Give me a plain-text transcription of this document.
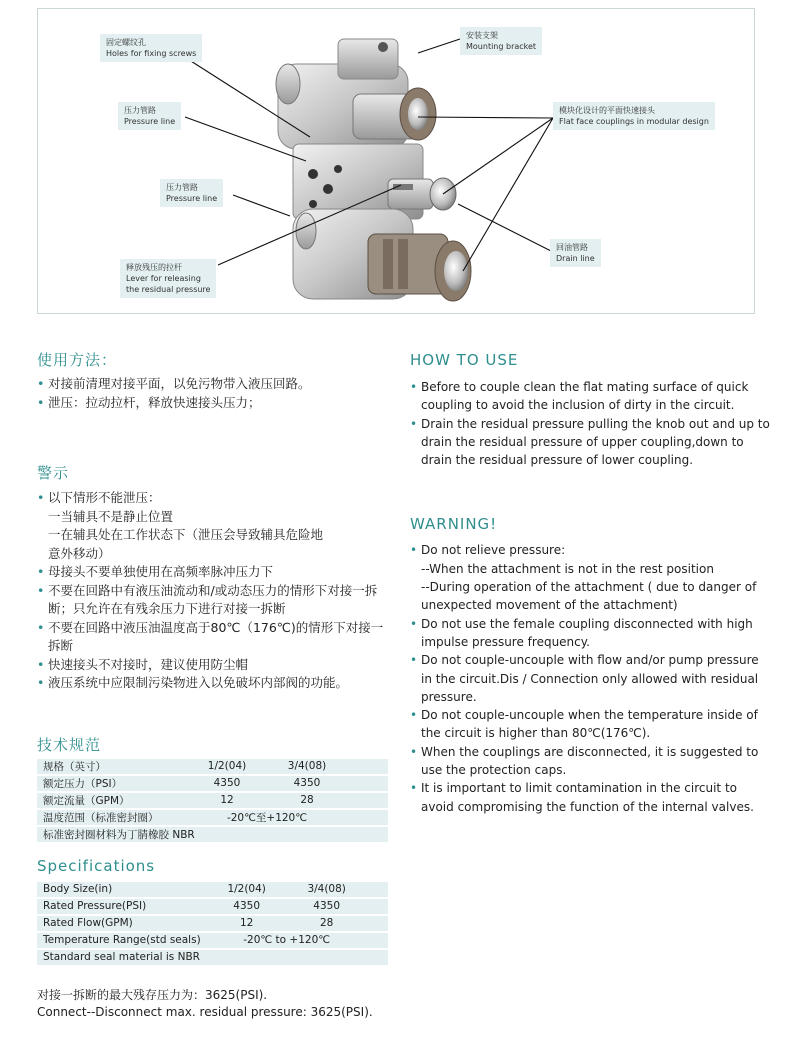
固定螺纹孔
Holes for fixing screws
压力管路
Pressure line
压力管路
Pressure line
释放残压的拉杆
Lever for releasing
the residual pressure
安装支架
Mounting bracket
模块化设计的平面快速接头
Flat face couplings in modular design
回油管路
Drain line
使用方法：
• 对接前清理对接平面，以免污物带入液压回路。
• 泄压：拉动拉杆，释放快速接头压力；
警示
• 以下情形不能泄压：
一当辅具不是静止位置
一在辅具处在工作状态下（泄压会导致辅具危险地
意外移动）
• 母接头不要单独使用在高频率脉冲压力下
• 不要在回路中有液压油流动和/或动态压力的情形下对接一拆断；只允许在有残余压力下进行对接一拆断
• 不要在回路中液压油温度高于80℃（176℃)的情形下对接一拆断
• 快速接头不对接时，建议使用防尘帽
• 液压系统中应限制污染物进入以免破坏内部阀的功能。
技术规范
规格（英寸）	1/2(04)	3/4(08)	
额定压力（PSI）	4350	4350	
额定流量（GPM）	12	28	
温度范围（标准密封圈）	-20℃至+120℃		
标准密封圈材料为丁腈橡胶 NBR			
Specifications
Body Size(in)	1/2(04)	3/4(08)	
Rated Pressure(PSI)	4350	4350	
Rated Flow(GPM)	12	28	
Temperature Range(std seals)	-20℃ to +120℃		
Standard seal material is NBR			
HOW TO USE
• Before to couple clean the flat mating surface of quick coupling to avoid the inclusion of dirty in the circuit.
• Drain the residual pressure pulling the knob out and up to drain the residual pressure of upper coupling,down to drain the residual pressure of lower coupling.
WARNING!
• Do not relieve pressure:
--When the attachment is not in the rest position
--During operation of the attachment ( due to danger of
unexpected movement of the attachment)
• Do not use the female coupling disconnected with high impulse pressure frequency.
• Do not couple-uncouple with flow and/or pump pressure in the circuit.Dis / Connection only allowed with residual pressure.
• Do not couple-uncouple when the temperature inside of the circuit is higher than 80℃(176℃).
• When the couplings are disconnected, it is suggested to use the protection caps.
• It is important to limit contamination in the circuit to avoid compromising the function of the internal valves.
对接一拆断的最大残存压力为：3625(PSI).
Connect--Disconnect max. residual pressure: 3625(PSI).
